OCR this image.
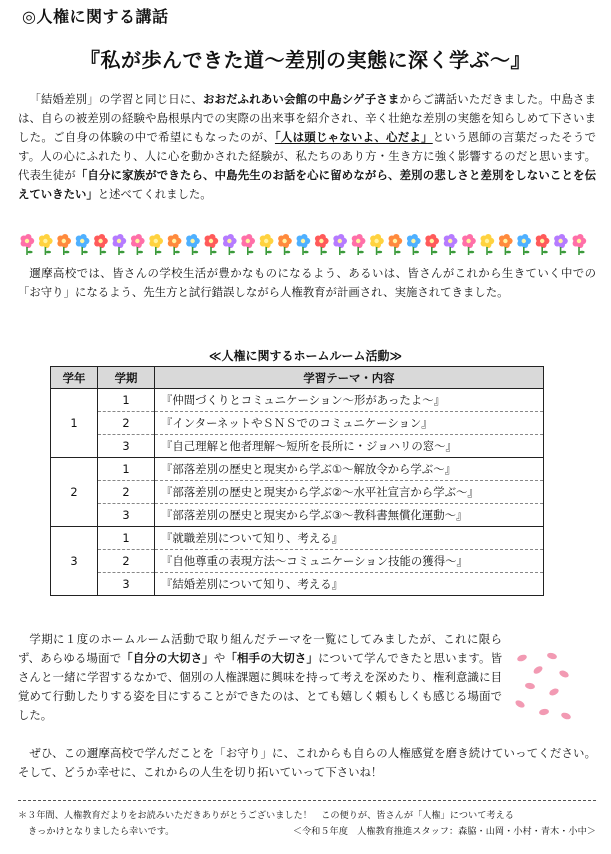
◎人権に関する講話
『私が歩んできた道〜差別の実態に深く学ぶ〜』
「結婚差別」の学習と同じ日に、おおだふれあい会館の中島シゲ子さまからご講話いただきました。中島さまは、自らの被差別の経験や島根県内での実際の出来事を紹介され、辛く壮絶な差別の実態を知らしめて下さいました。ご自身の体験の中で希望にもなったのが、「人は頭じゃないよ、心だよ」という恩師の言葉だったそうです。人の心にふれたり、人に心を動かされた経験が、私たちのあり方・生き方に強く影響するのだと思います。代表生徒が「自分に家族ができたら、中島先生のお話を心に留めながら、差別の悲しさと差別をしないことを伝えていきたい」と述べてくれました。
邇摩高校では、皆さんの学校生活が豊かなものになるよう、あるいは、皆さんがこれから生きていく中での「お守り」になるよう、先生方と試行錯誤しながら人権教育が計画され、実施されてきました。
≪人権に関するホームルーム活動≫
学年	学期	学習テーマ・内容
1	1	『仲間づくりとコミュニケーション〜形があったよ〜』
	2	『インターネットやＳＮＳでのコミュニケーション』
	3	『自己理解と他者理解〜短所を長所に・ジョハリの窓〜』
2	1	『部落差別の歴史と現実から学ぶ①〜解放令から学ぶ〜』
	2	『部落差別の歴史と現実から学ぶ②〜水平社宣言から学ぶ〜』
	3	『部落差別の歴史と現実から学ぶ③〜教科書無償化運動〜』
3	1	『就職差別について知り、考える』
	2	『自他尊重の表現方法〜コミュニケーション技能の獲得〜』
	3	『結婚差別について知り、考える』
学期に１度のホームルーム活動で取り組んだテーマを一覧にしてみましたが、これに限らず、あらゆる場面で「自分の大切さ」や「相手の大切さ」について学んできたと思います。皆さんと一緒に学習するなかで、個別の人権課題に興味を持って考えを深めたり、権利意識に目覚めて行動したりする姿を目にすることができたのは、とても嬉しく頼もしくも感じる場面でした。
ぜひ、この邇摩高校で学んだことを「お守り」に、これからも自らの人権感覚を磨き続けていってください。そして、どうか幸せに、これからの人生を切り拓いていって下さいね！
＊３年間、人権教育だよりをお読みいただきありがとうございました！　この便りが、皆さんが「人権」について考える
きっかけとなりましたら幸いです。	＜令和５年度　人権教育推進スタッフ：森脇・山岡・小村・青木・小中＞
